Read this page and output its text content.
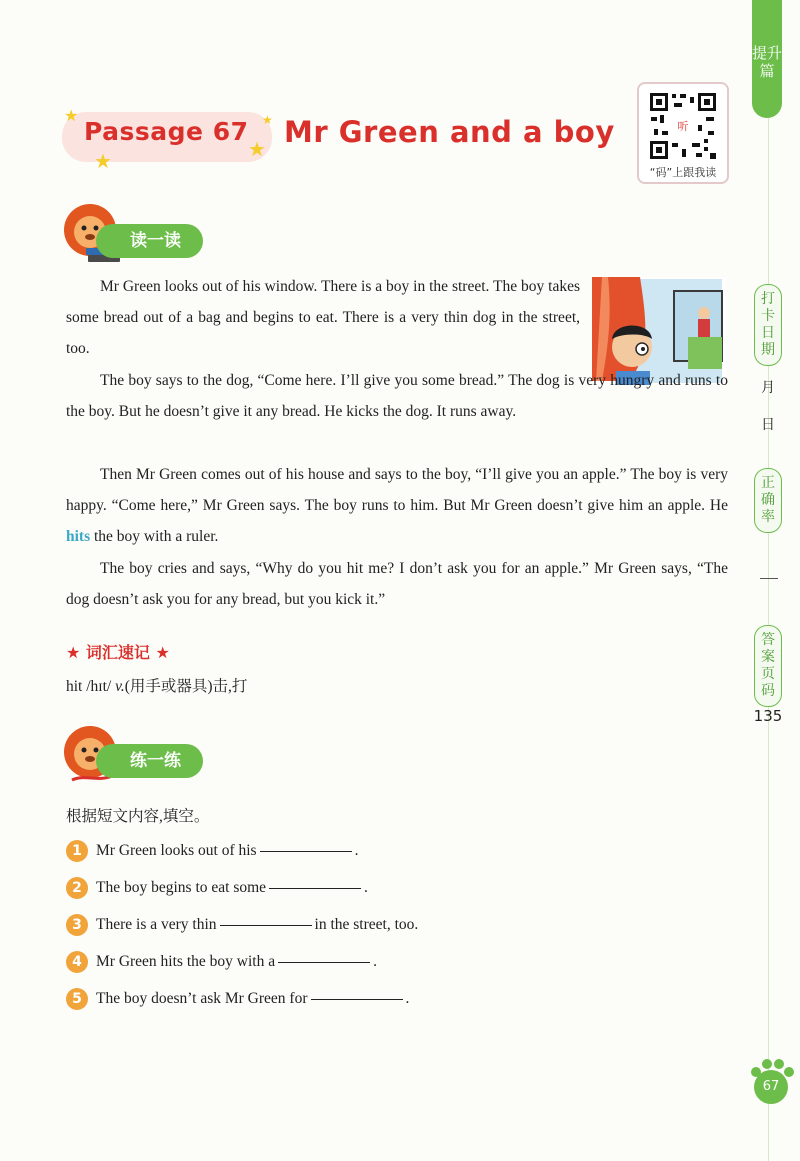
提升篇
打卡日期
月
日
正确率
答案页码
135
67
★
★
★
★
Passage 67 Mr Green and a boy	听
“码”上跟我读
读一读

Mr Green looks out of his window. There is a boy in the street. The boy takes some bread out of a bag and begins to eat. There is a very thin dog in the street, too.

The boy says to the dog, “Come here. I’ll give you some bread.” The dog is very hungry and runs to the boy. But he doesn’t give it any bread. He kicks the dog. It runs away.

Then Mr Green comes out of his house and says to the boy, “I’ll give you an apple.” The boy is very happy. “Come here,” Mr Green says. The boy runs to him. But Mr Green doesn’t give him an apple. He hits the boy with a ruler.

The boy cries and says, “Why do you hit me? I don’t ask you for an apple.” Mr Green says, “The dog doesn’t ask you for any bread, but you kick it.”

★ 词汇速记 ★
hit /hɪt/ v.(用手或器具)击,打
练一练
根据短文内容,填空。
1 Mr Green looks out of his	.
2 The boy begins to eat some	.
3 There is a very thin	in the street, too.
4 Mr Green hits the boy with a	.
5 The boy doesn’t ask Mr Green for	.
